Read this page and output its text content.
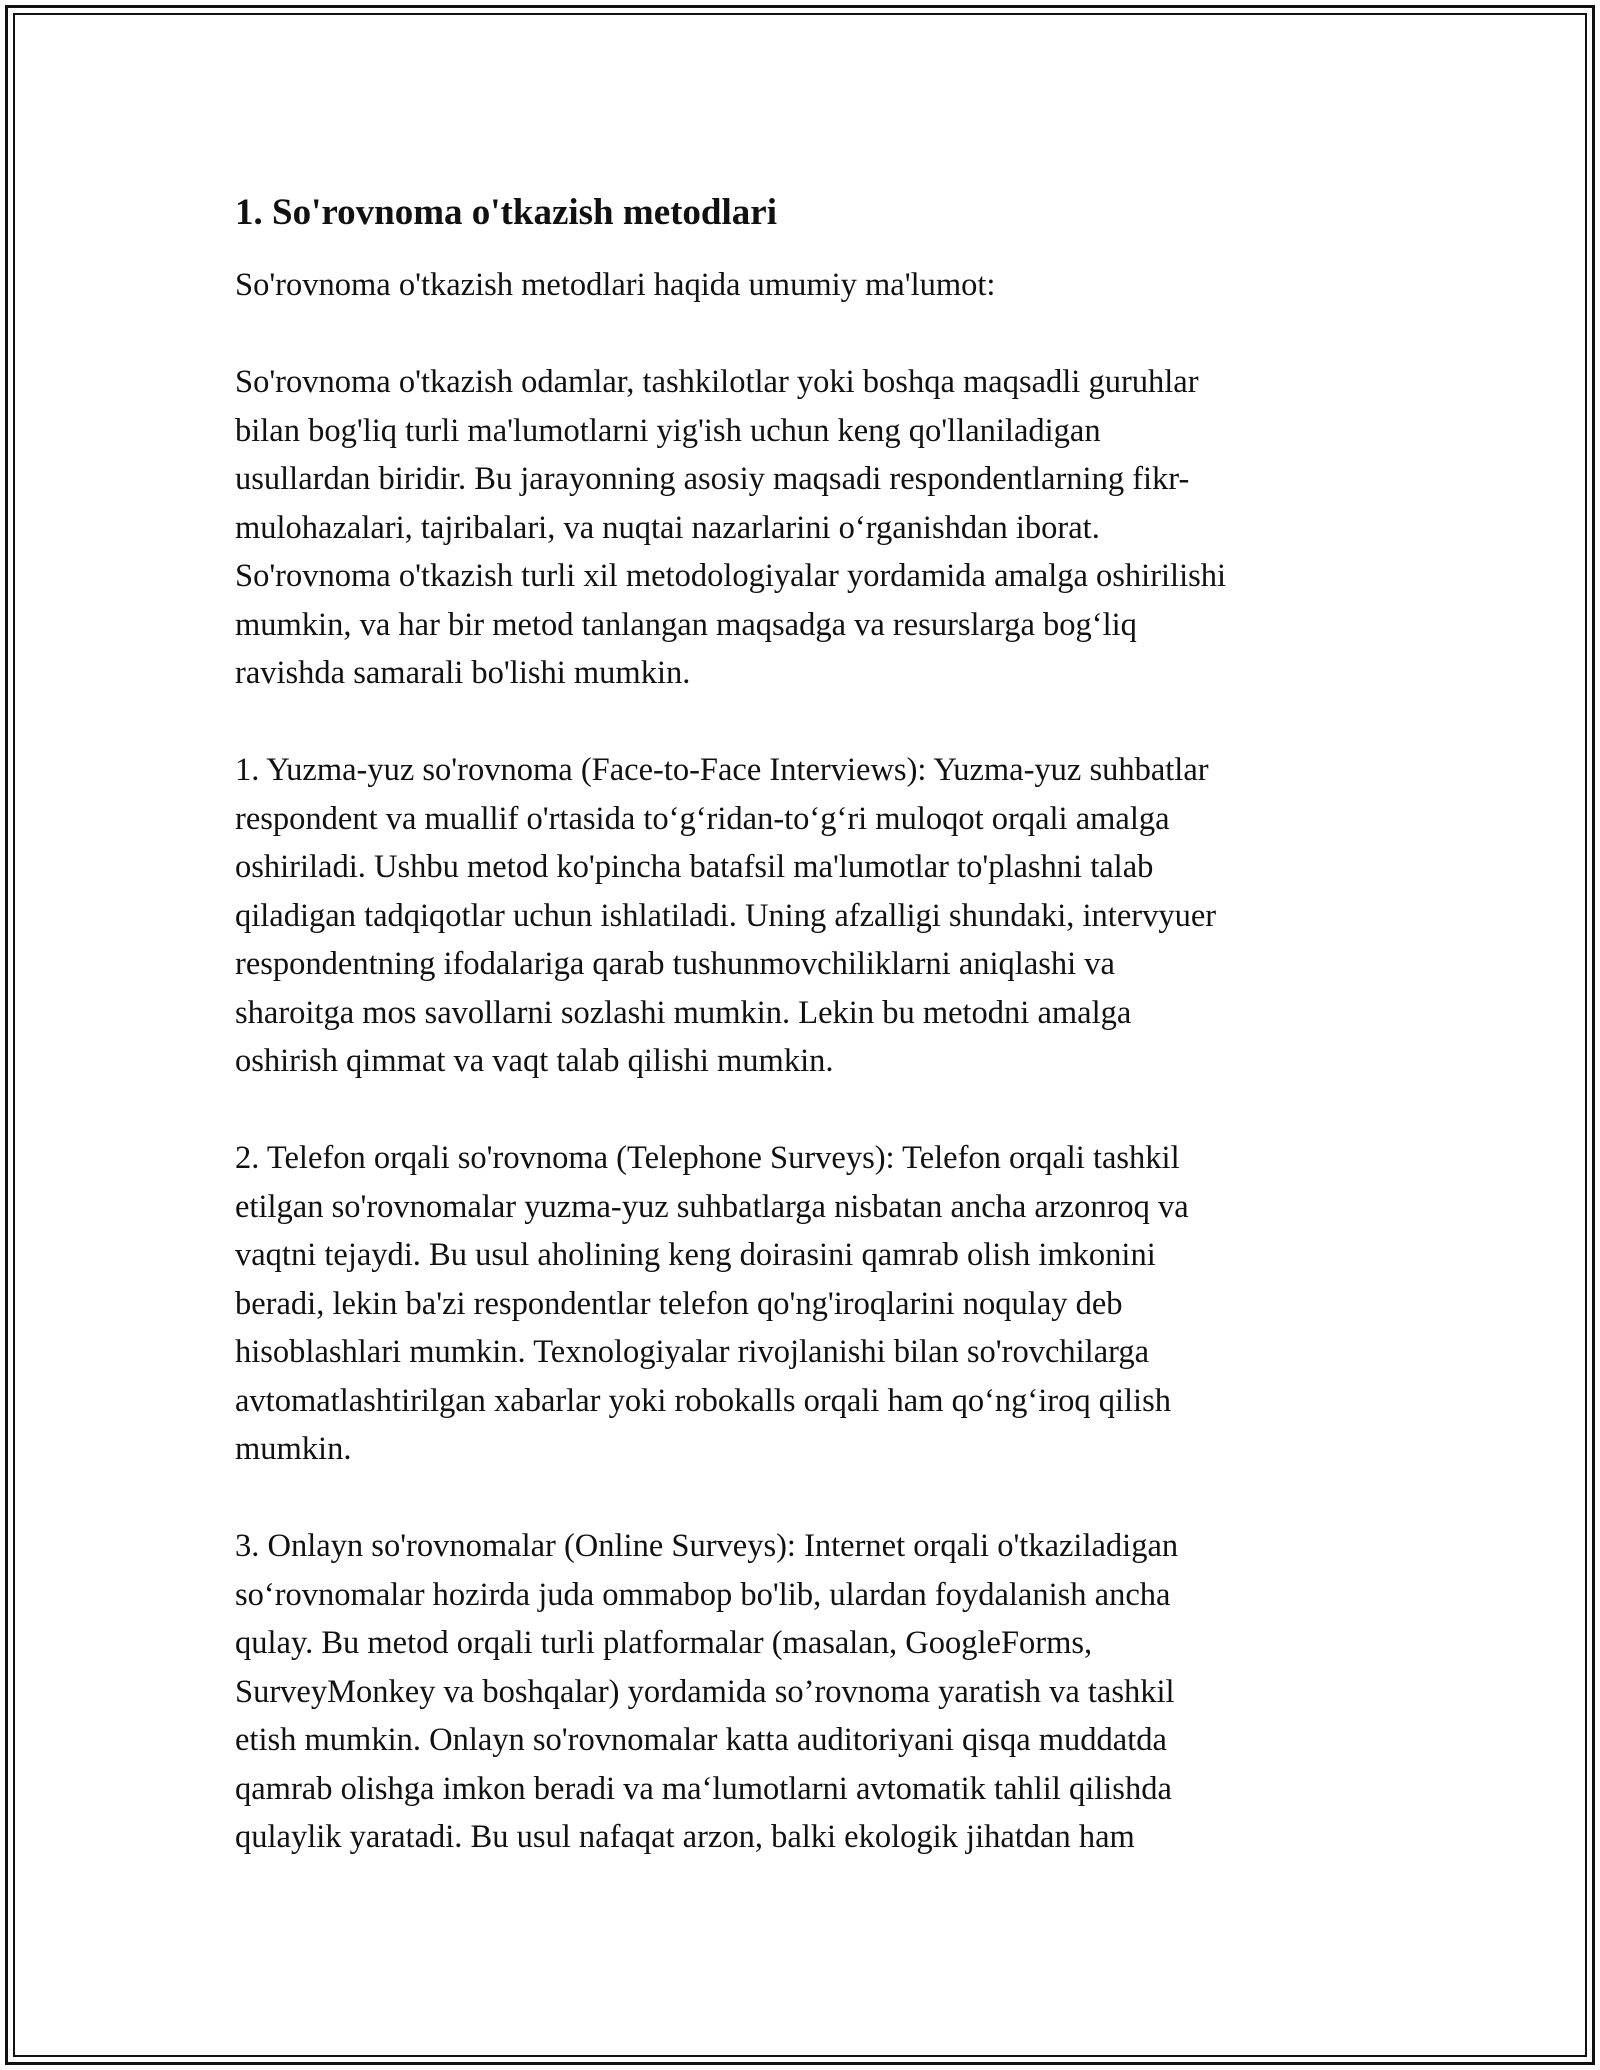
1. So'rovnoma o'tkazish metodlari

So'rovnoma o'tkazish metodlari haqida umumiy ma'lumot:

So'rovnoma o'tkazish odamlar, tashkilotlar yoki boshqa maqsadli guruhlar
bilan bog'liq turli ma'lumotlarni yig'ish uchun keng qo'llaniladigan
usullardan biridir. Bu jarayonning asosiy maqsadi respondentlarning fikr-
mulohazalari, tajribalari, va nuqtai nazarlarini o‘rganishdan iborat.
So'rovnoma o'tkazish turli xil metodologiyalar yordamida amalga oshirilishi
mumkin, va har bir metod tanlangan maqsadga va resurslarga bog‘liq
ravishda samarali bo'lishi mumkin.

1. Yuzma-yuz so'rovnoma (Face-to-Face Interviews): Yuzma-yuz suhbatlar
respondent va muallif o'rtasida to‘g‘ridan-to‘g‘ri muloqot orqali amalga
oshiriladi. Ushbu metod ko'pincha batafsil ma'lumotlar to'plashni talab
qiladigan tadqiqotlar uchun ishlatiladi. Uning afzalligi shundaki, intervyuer
respondentning ifodalariga qarab tushunmovchiliklarni aniqlashi va
sharoitga mos savollarni sozlashi mumkin. Lekin bu metodni amalga
oshirish qimmat va vaqt talab qilishi mumkin.

2. Telefon orqali so'rovnoma (Telephone Surveys): Telefon orqali tashkil
etilgan so'rovnomalar yuzma-yuz suhbatlarga nisbatan ancha arzonroq va
vaqtni tejaydi. Bu usul aholining keng doirasini qamrab olish imkonini
beradi, lekin ba'zi respondentlar telefon qo'ng'iroqlarini noqulay deb
hisoblashlari mumkin. Texnologiyalar rivojlanishi bilan so'rovchilarga
avtomatlashtirilgan xabarlar yoki robokalls orqali ham qo‘ng‘iroq qilish
mumkin.

3. Onlayn so'rovnomalar (Online Surveys): Internet orqali o'tkaziladigan
so‘rovnomalar hozirda juda ommabop bo'lib, ulardan foydalanish ancha
qulay. Bu metod orqali turli platformalar (masalan, GoogleForms,
SurveyMonkey va boshqalar) yordamida so’rovnoma yaratish va tashkil
etish mumkin. Onlayn so'rovnomalar katta auditoriyani qisqa muddatda
qamrab olishga imkon beradi va ma‘lumotlarni avtomatik tahlil qilishda
qulaylik yaratadi. Bu usul nafaqat arzon, balki ekologik jihatdan ham
